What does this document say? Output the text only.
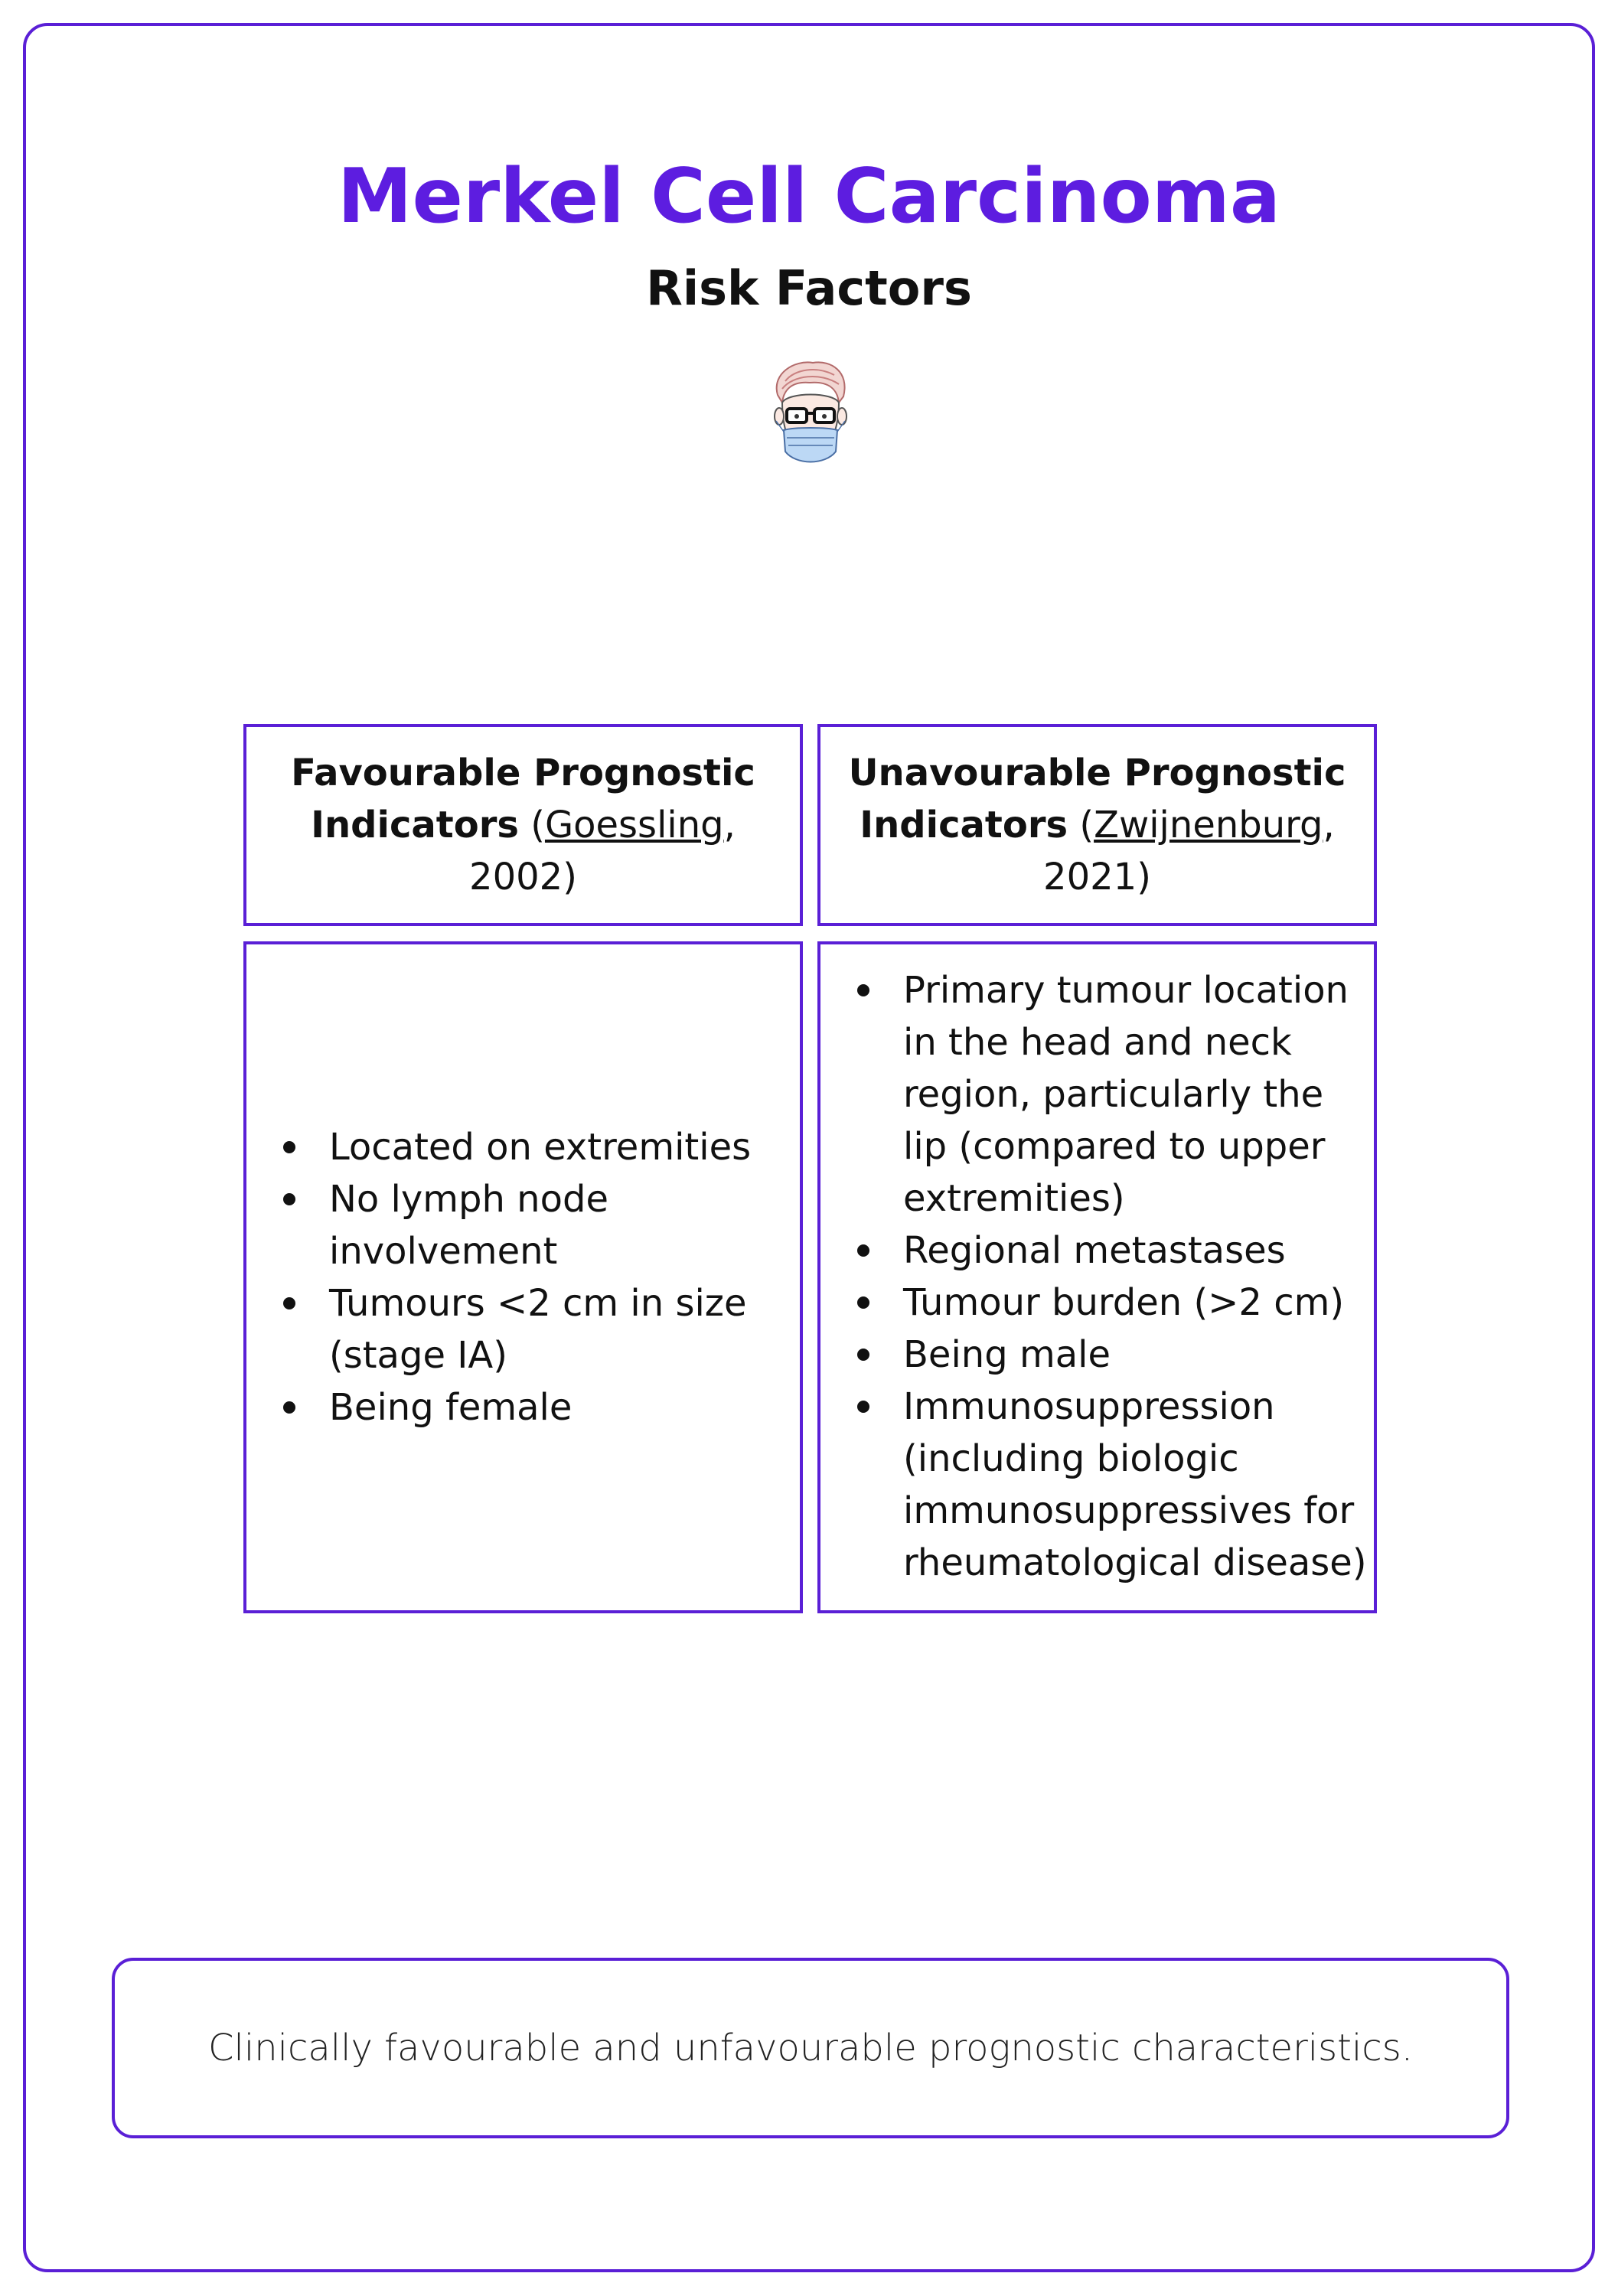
Merkel Cell Carcinoma
Risk Factors
Favourable Prognostic Indicators (Goessling, 2002)
Unavourable Prognostic Indicators (Zwijnenburg, 2021)
Located on extremities
No lymph node involvement
Tumours <2 cm in size (stage IA)
Being female
Primary tumour location in the head and neck region, particularly the lip (compared to upper extremities)
Regional metastases
Tumour burden (>2 cm)
Being male
Immunosuppression (including biologic immunosuppressives for rheumatological disease)
Clinically favourable and unfavourable prognostic characteristics.
